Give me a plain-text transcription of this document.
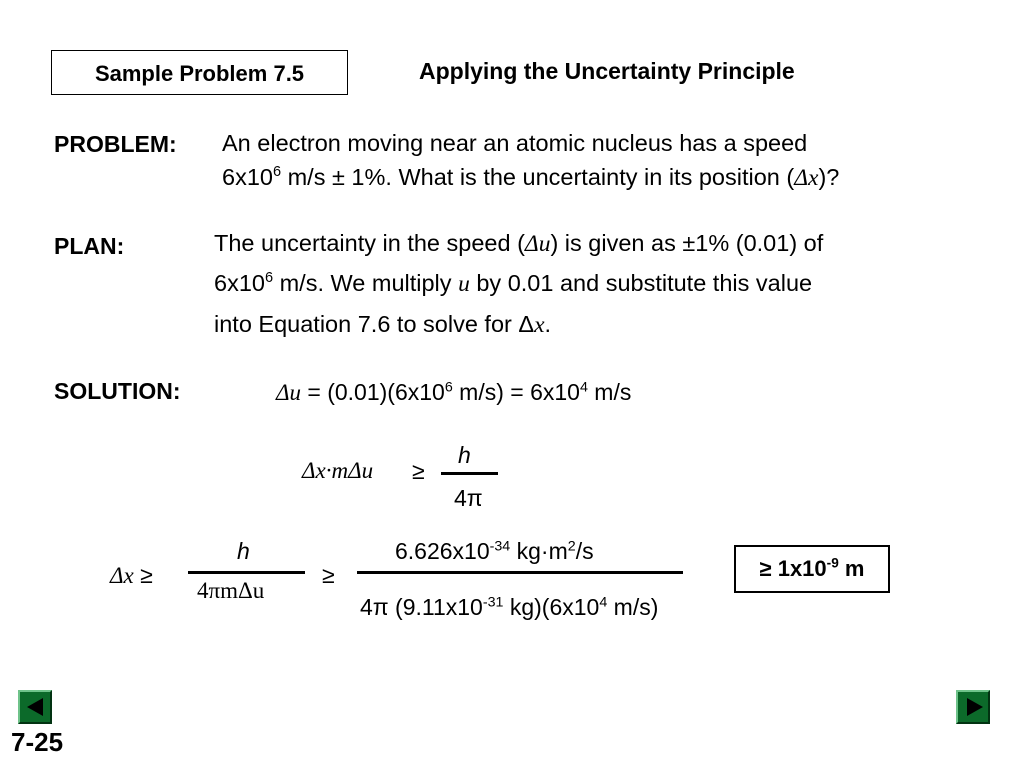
Sample Problem 7.5	Applying the Uncertainty Principle
PROBLEM: An electron moving near an atomic nucleus has a speed
$6x10^6$ m/s ± 1%. What is the uncertainty in its position (Δx)?
PLAN:	The uncertainty in the speed (Δu) is given as ±1% (0.01) of
$6x10^6$ m/s. We multiply u by 0.01 and substitute this value
into Equation 7.6 to solve for Δx.
SOLUTION:	$\Delta u = (0.01)(6x10^6$ $m/s) = 6x10^4$ m/s
Δx·mΔu ≥
h
4π
Δx ≥
h
4πmΔu
≥
$6.626x10^{-34}$ $kg\cdot m^2/s$
4π ($9.11x10^{-31}$ $kg)(6x10^4$ m/s)
≥ $1x10^{-9}$ m
7-25
